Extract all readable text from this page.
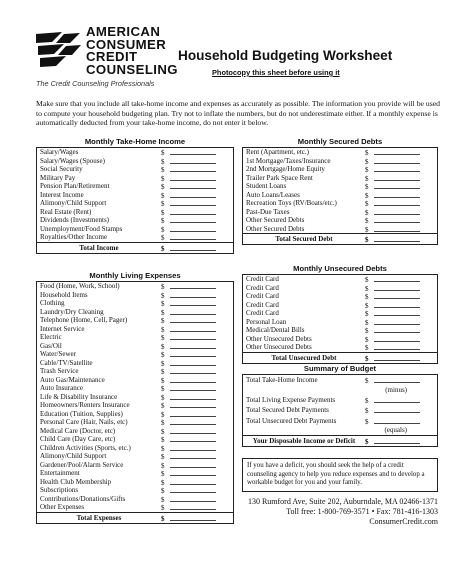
AMERICAN
CONSUMER
CREDIT
COUNSELING
The Credit Counseling Professionals
Household Budgeting Worksheet
Photocopy this sheet before using it
Make sure that you include all take-home income and expenses as accurately as possible. The information you provide will be used to compute your household budgeting plan. Try not to inflate the numbers, but do not underestimate either. If a monthly expense is automatically deducted from your take-home income, do not enter it below.
Monthly Take-Home Income
Salary/Wages	$
Salary/Wages (Spouse)	$
Social Security	$
Military Pay	$
Pension Plan/Retirement	$
Interest Income	$
Alimony/Child Support	$
Real Estate (Rent)	$
Dividends (Investments)	$
Unemployment/Food Stamps	$
Royalties/Other Income	$
Total Income	$
Monthly Living Expenses
Food (Home, Work, School)	$
Household Items	$
Clothing	$
Laundry/Dry Cleaning	$
Telephone (Home, Cell, Pager)	$
Internet Service	$
Electric	$
Gas/Oil	$
Water/Sewer	$
Cable/TV/Satellite	$
Trash Service	$
Auto Gas/Maintenance	$
Auto Insurance	$
Life & Disability Insurance	$
Homeowners/Renters Insurance	$
Education (Tuition, Supplies)	$
Personal Care (Hair, Nails, etc)	$
Medical Care (Doctor, etc)	$
Child Care (Day Care, etc)	$
Children Activities (Sports, etc.)	$
Alimony/Child Support	$
Gardener/Pool/Alarm Service	$
Entertainment	$
Health Club Membership	$
Subscriptions	$
Contributions/Donations/Gifts	$
Other Expenses	$
Total Expenses	$
Monthly Secured Debts
Rent (Apartment, etc.)	$
1st Mortgage/Taxes/Insurance	$
2nd Mortgage/Home Equity	$
Trailer Park Space Rent	$
Student Loans	$
Auto Loans/Leases	$
Recreation Toys (RV/Boats/etc.)	$
Past-Due Taxes	$
Other Secured Debts	$
Other Secured Debts	$
Total Secured Debt	$
Monthly Unsecured Debts
Credit Card	$
Credit Card	$
Credit Card	$
Credit Card	$
Credit Card	$
Personal Loan	$
Medical/Dental Bills	$
Other Unsecured Debts	$
Other Unsecured Debts	$
Total Unsecured Debt	$
Summary of Budget
Total Take-Home Income	$
(minus)
Total Living Expense Payments	$
Total Secured Debt Payments	$
Total Unsecured Debt Payments	$
(equals)
Your Disposable Income or Deficit	$
If you have a deficit, you should seek the help of a credit counseling agency to help you reduce expenses and to develop a workable budget for you and your family.
130 Rumford Ave, Suite 202, Auburndale, MA 02466-1371
Toll free: 1-800-769-3571 • Fax: 781-416-1303
ConsumerCredit.com
